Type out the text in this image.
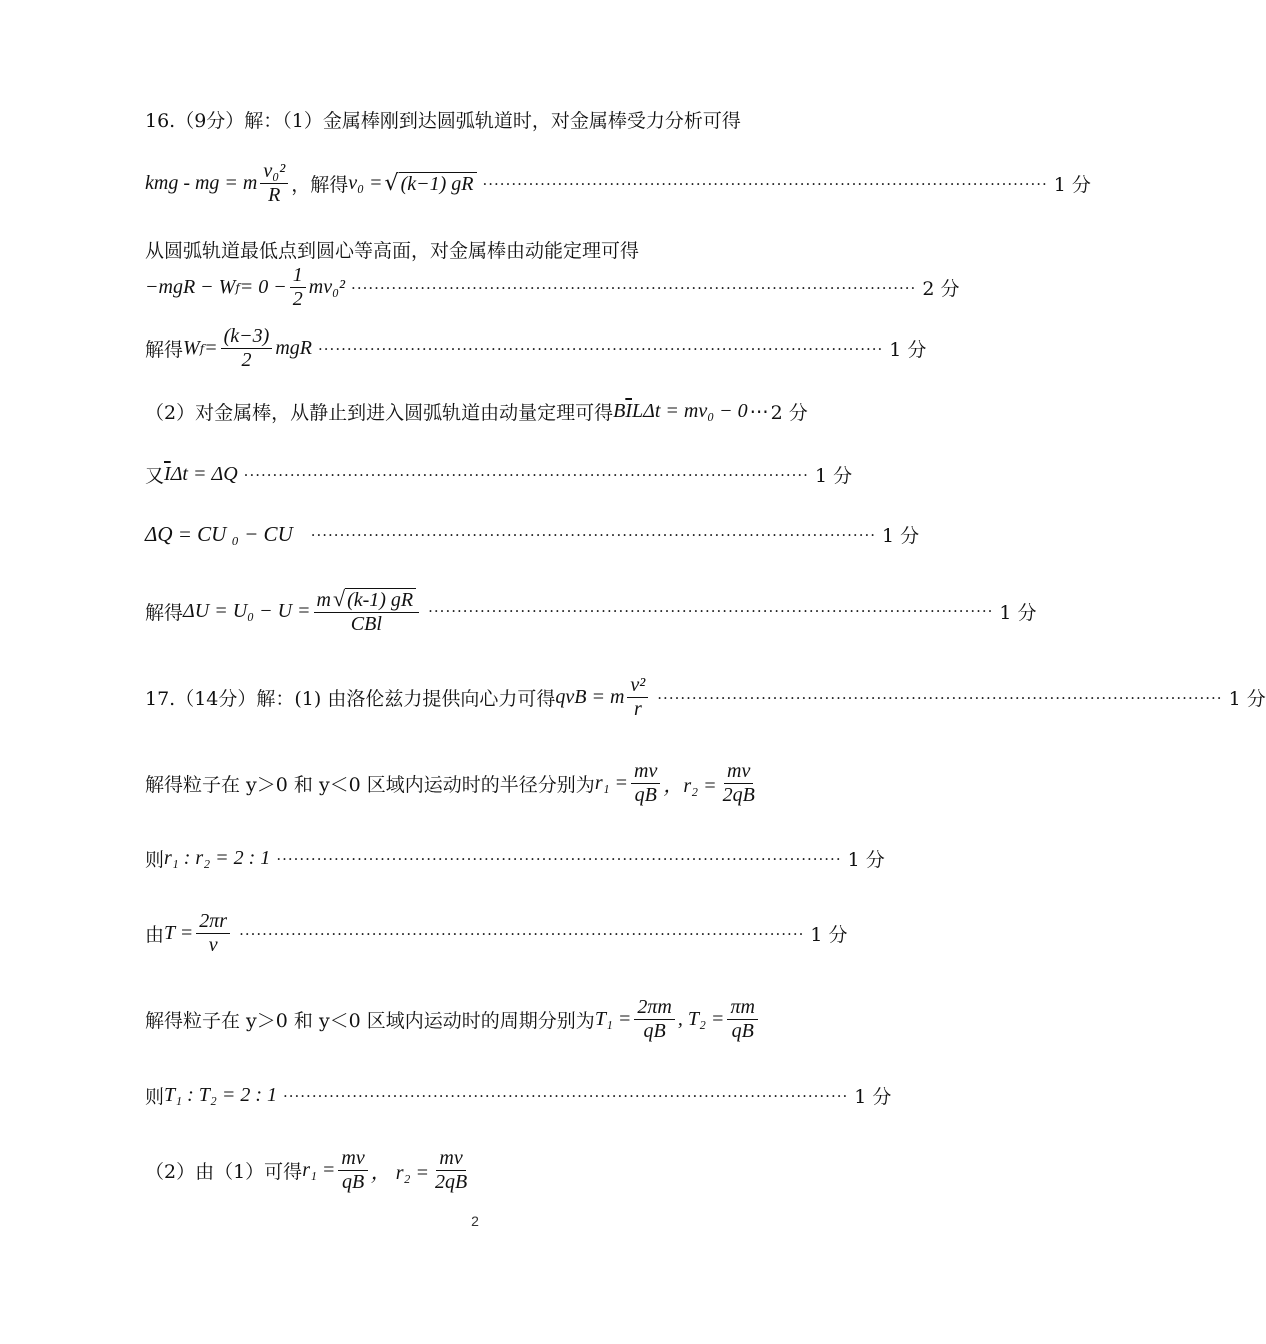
16.（9分）解：（1）金属棒刚到达圆弧轨道时，对金属棒受力分析可得
kmg - mg = m $\frac{\text{v₀²}}{R}$ ，解得 v₀ = √ (k−1) gR ·································································································· 1 分
从圆弧轨道最低点到圆心等高面，对金属棒由动能定理可得
−mgR − W $f = 0 - \frac{1}{2} mv_0^2$ ·································································································· 2 分
解得 W $f = \frac{(k-3)}{2}$ mgR ·································································································· 1 分
（2）对金属棒，从静止到进入圆弧轨道由动量定理可得 B $\overline{I}$ LΔt = mv₀ − 0 ⋯ 2 分
又 $\overline{I}$ Δt = ΔQ ·································································································· 1 分
ΔQ = CU ₀ − CU ·································································································· 1 分
解得 $\Delta U = U_0 - U = \frac{m√ (k-1) gR}{\text{CBl}}$ ·································································································· 1 分
17.（14分）解：(1) 由洛伦兹力提供向心力可得 qvB = m $\frac{\text{v²}}{r}$ ·································································································· 1 分
解得粒子在 y＞0 和 y＜0 区域内运动时的半径分别为 $r_1 = \frac{mv}{qB}$ ，$r_2 = \frac{mv}{2qB}$
则 r₁ : r₂ = 2 : 1 ·································································································· 1 分
由 $T = \frac{2\pi r}{v}$ ·································································································· 1 分
解得粒子在 y＞0 和 y＜0 区域内运动时的周期分别为 $T_1 = \frac{2\pi m}{qB}$ , $T_2 = \frac{\pi m}{qB}$
则 T₁ : T₂ = 2 : 1 ·································································································· 1 分
（2）由（1）可得 $r_1 = \frac{mv}{qB}$ ， $r_2 = \frac{mv}{2qB}$
2
